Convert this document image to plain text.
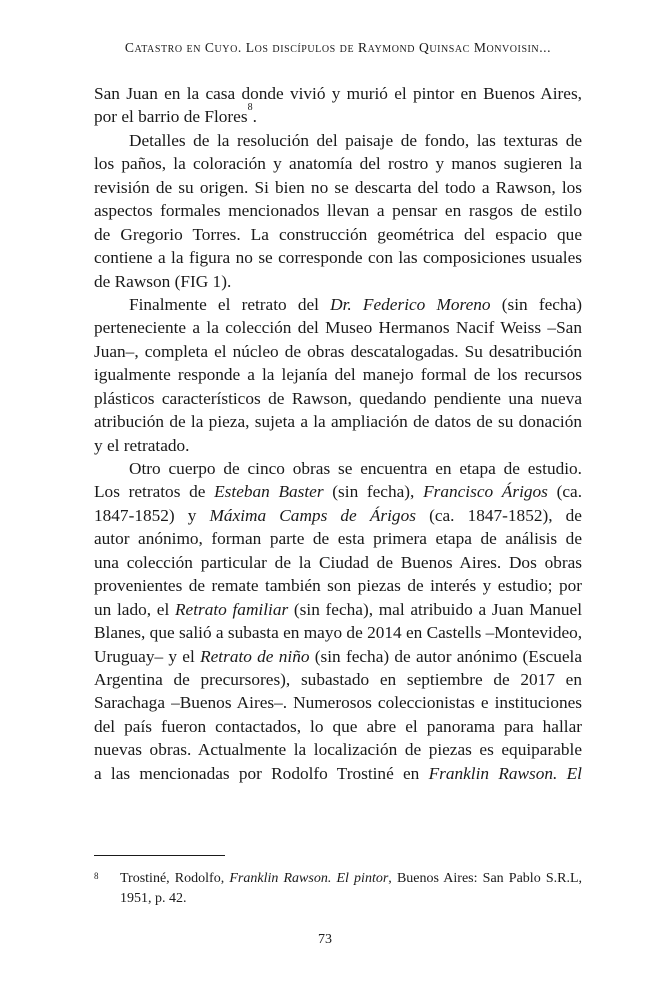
Catastro en Cuyo. Los discípulos de Raymond Quinsac Monvoisin...
San Juan en la casa donde vivió y murió el pintor en Buenos Aires,
por el barrio de Flores$^8$.
Detalles de la resolución del paisaje de fondo, las texturas de
los paños, la coloración y anatomía del rostro y manos sugieren la
revisión de su origen. Si bien no se descarta del todo a Rawson, los
aspectos formales mencionados llevan a pensar en rasgos de estilo
de Gregorio Torres. La construcción geométrica del espacio que
contiene a la figura no se corresponde con las composiciones usuales
de Rawson (FIG 1).
Finalmente el retrato del Dr. Federico Moreno (sin fecha)
perteneciente a la colección del Museo Hermanos Nacif Weiss –San
Juan–, completa el núcleo de obras descatalogadas. Su desatribución
igualmente responde a la lejanía del manejo formal de los recursos
plásticos característicos de Rawson, quedando pendiente una nueva
atribución de la pieza, sujeta a la ampliación de datos de su donación
y el retratado.
Otro cuerpo de cinco obras se encuentra en etapa de estudio.
Los retratos de Esteban Baster (sin fecha), Francisco Árigos (ca.
1847-1852) y Máxima Camps de Árigos (ca. 1847-1852), de
autor anónimo, forman parte de esta primera etapa de análisis de
una colección particular de la Ciudad de Buenos Aires. Dos obras
provenientes de remate también son piezas de interés y estudio; por
un lado, el Retrato familiar (sin fecha), mal atribuido a Juan Manuel
Blanes, que salió a subasta en mayo de 2014 en Castells –Montevideo,
Uruguay– y el Retrato de niño (sin fecha) de autor anónimo (Escuela
Argentina de precursores), subastado en septiembre de 2017 en
Sarachaga –Buenos Aires–. Numerosos coleccionistas e instituciones
del país fueron contactados, lo que abre el panorama para hallar
nuevas obras. Actualmente la localización de piezas es equiparable
a las mencionadas por Rodolfo Trostiné en Franklin Rawson. El
8	Trostiné, Rodolfo, Franklin Rawson. El pintor, Buenos Aires: San Pablo S.R.L,
1951, p. 42.
73
